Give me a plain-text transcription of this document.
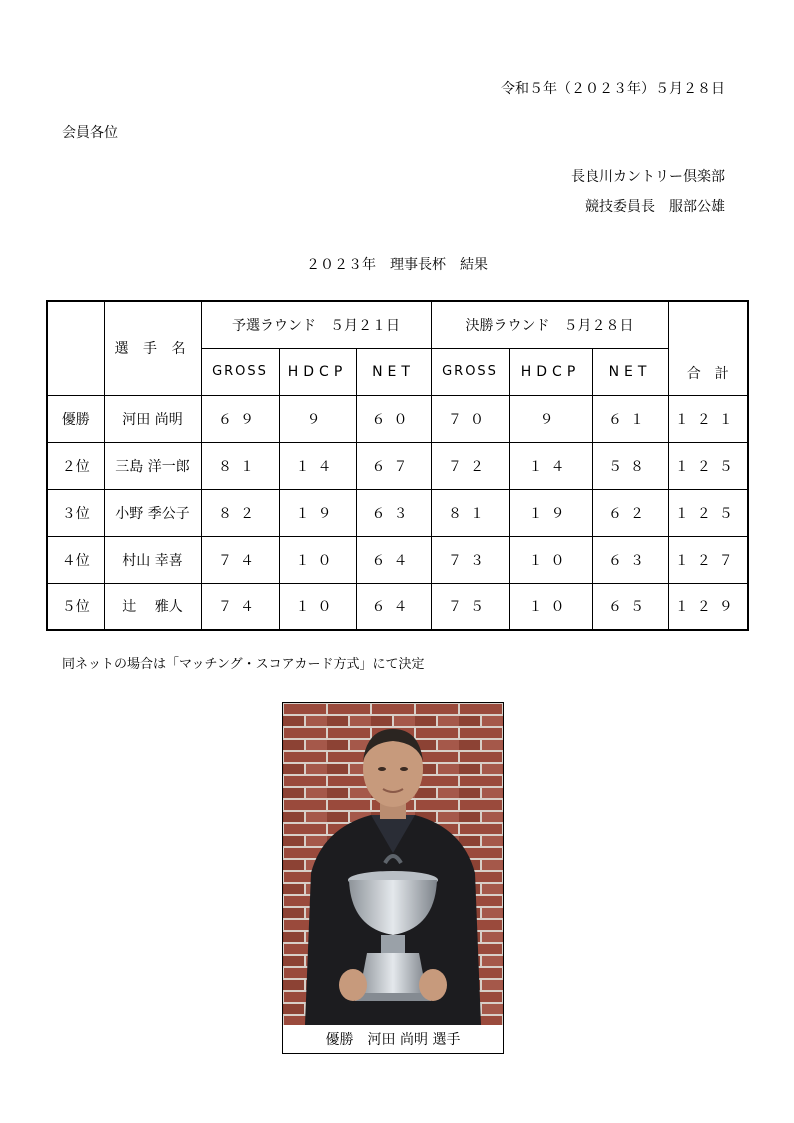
令和５年（２０２３年）５月２８日
会員各位
長良川カントリー倶楽部
競技委員長　服部公雄
２０２３年　理事長杯　結果
	選 手 名	予選ラウンド　５月２１日			決勝ラウンド　５月２８日			合　計
		GROSS	HDCP	NET	GROSS	HDCP	NET	
優勝	河田 尚明	６９	９	６０	７０	９	６１	１２１
２位	三島 洋一郎	８１	１４	６７	７２	１４	５８	１２５
３位	小野 季公子	８２	１９	６３	８１	１９	６２	１２５
４位	村山 幸喜	７４	１０	６４	７３	１０	６３	１２７
５位	辻　 雅人	７４	１０	６４	７５	１０	６５	１２９
同ネットの場合は「マッチング・スコアカード方式」にて決定
優勝　河田 尚明 選手
